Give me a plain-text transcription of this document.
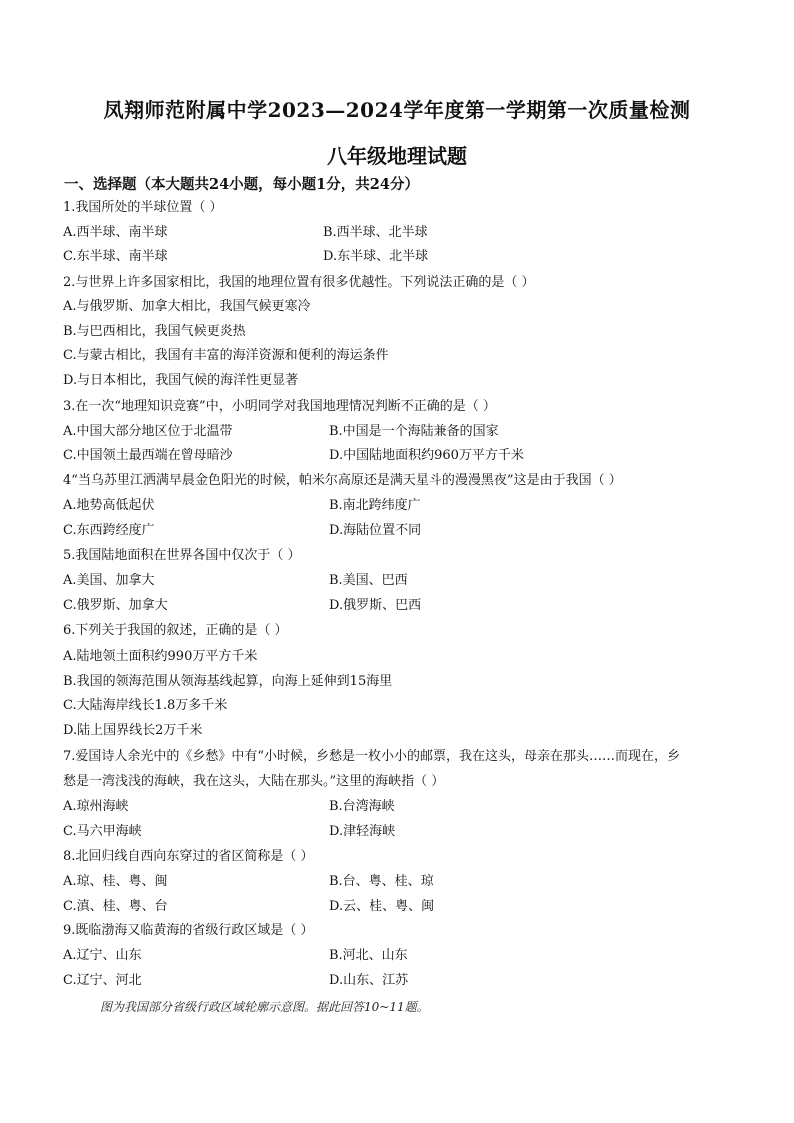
凤翔师范附属中学2023—2024学年度第一学期第一次质量检测
八年级地理试题
一、选择题（本大题共24小题，每小题1分，共24分）
1.我国所处的半球位置（ ）
A.西半球、南半球	B.西半球、北半球
C.东半球、南半球	D.东半球、北半球
2.与世界上许多国家相比，我国的地理位置有很多优越性。下列说法正确的是（ ）
A.与俄罗斯、加拿大相比，我国气候更寒冷
B.与巴西相比，我国气候更炎热
C.与蒙古相比，我国有丰富的海洋资源和便利的海运条件
D.与日本相比，我国气候的海洋性更显著
3.在一次“地理知识竞赛”中，小明同学对我国地理情况判断不正确的是（ ）
A.中国大部分地区位于北温带	B.中国是一个海陆兼备的国家
C.中国领土最西端在曾母暗沙	D.中国陆地面积约960万平方千米
4“当乌苏里江洒满早晨金色阳光的时候，帕米尔高原还是满天星斗的漫漫黑夜”这是由于我国（ ）
A.地势高低起伏	B.南北跨纬度广
C.东西跨经度广	D.海陆位置不同
5.我国陆地面积在世界各国中仅次于（ ）
A.美国、加拿大	B.美国、巴西
C.俄罗斯、加拿大	D.俄罗斯、巴西
6.下列关于我国的叙述，正确的是（ ）
A.陆地领土面积约990万平方千米
B.我国的领海范围从领海基线起算，向海上延伸到15海里
C.大陆海岸线长1.8万多千米
D.陆上国界线长2万千米
7.爱国诗人余光中的《乡愁》中有“小时候，乡愁是一枚小小的邮票，我在这头，母亲在那头……而现在，乡
愁是一湾浅浅的海峡，我在这头，大陆在那头。”这里的海峡指（ ）
A.琼州海峡	B.台湾海峡
C.马六甲海峡	D.津轻海峡
8.北回归线自西向东穿过的省区简称是（ ）
A.琼、桂、粤、闽	B.台、粤、桂、琼
C.滇、桂、粤、台	D.云、桂、粤、闽
9.既临渤海又临黄海的省级行政区域是（ ）
A.辽宁、山东	B.河北、山东
C.辽宁、河北	D.山东、江苏
图为我国部分省级行政区域轮廓示意图。据此回答10~11题。
